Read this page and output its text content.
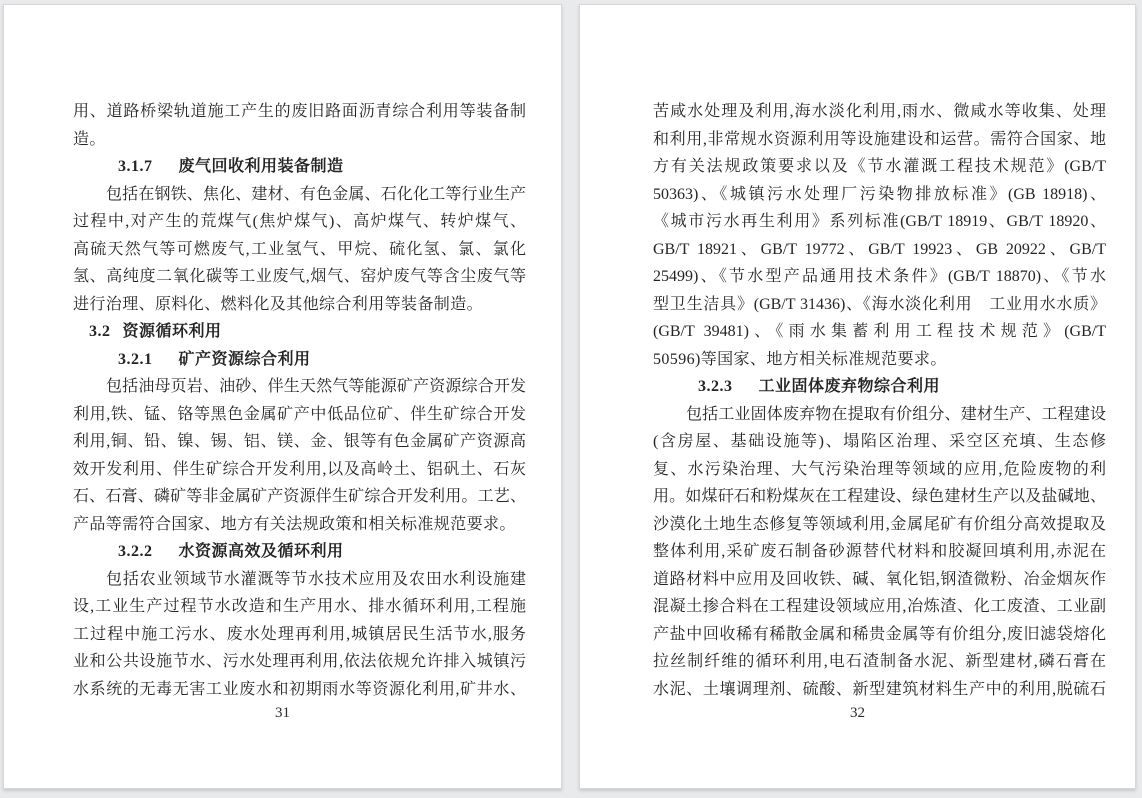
用、道路桥梁轨道施工产生的废旧路面沥青综合利用等装备制
造。
3.1.7 废气回收利用装备制造
包括在钢铁、焦化、建材、有色金属、石化化工等行业生产
过程中,对产生的荒煤气(焦炉煤气)、高炉煤气、转炉煤气、
高硫天然气等可燃废气,工业氢气、甲烷、硫化氢、氯、氯化
氢、高纯度二氧化碳等工业废气,烟气、窑炉废气等含尘废气等
进行治理、原料化、燃料化及其他综合利用等装备制造。
3.2 资源循环利用
3.2.1 矿产资源综合利用
包括油母页岩、油砂、伴生天然气等能源矿产资源综合开发
利用,铁、锰、铬等黑色金属矿产中低品位矿、伴生矿综合开发
利用,铜、铅、镍、锡、铝、镁、金、银等有色金属矿产资源高
效开发利用、伴生矿综合开发利用,以及高岭土、铝矾土、石灰
石、石膏、磷矿等非金属矿产资源伴生矿综合开发利用。工艺、
产品等需符合国家、地方有关法规政策和相关标准规范要求。
3.2.2 水资源高效及循环利用
包括农业领域节水灌溉等节水技术应用及农田水利设施建
设,工业生产过程节水改造和生产用水、排水循环利用,工程施
工过程中施工污水、废水处理再利用,城镇居民生活节水,服务
业和公共设施节水、污水处理再利用,依法依规允许排入城镇污
水系统的无毒无害工业废水和初期雨水等资源化利用,矿井水、
31
苦咸水处理及利用,海水淡化利用,雨水、微咸水等收集、处理
和利用,非常规水资源利用等设施建设和运营。需符合国家、地
方有关法规政策要求以及《节水灌溉工程技术规范》(GB/T
50363)、《城镇污水处理厂污染物排放标准》(GB 18918)、
《城市污水再生利用》系列标准(GB/T 18919、GB/T 18920、
GB/T 18921、GB/T 19772、GB/T 19923、GB 20922、GB/T
25499)、《节水型产品通用技术条件》(GB/T 18870)、《节水
型卫生洁具》(GB/T 31436)、《海水淡化利用　工业用水水质》
(GB/T 39481)、《雨水集蓄利用工程技术规范》(GB/T
50596)等国家、地方相关标准规范要求。
3.2.3 工业固体废弃物综合利用
包括工业固体废弃物在提取有价组分、建材生产、工程建设
(含房屋、基础设施等)、塌陷区治理、采空区充填、生态修
复、水污染治理、大气污染治理等领域的应用,危险废物的利
用。如煤矸石和粉煤灰在工程建设、绿色建材生产以及盐碱地、
沙漠化土地生态修复等领域利用,金属尾矿有价组分高效提取及
整体利用,采矿废石制备砂源替代材料和胶凝回填利用,赤泥在
道路材料中应用及回收铁、碱、氧化铝,钢渣微粉、冶金烟灰作
混凝土掺合料在工程建设领域应用,冶炼渣、化工废渣、工业副
产盐中回收稀有稀散金属和稀贵金属等有价组分,废旧滤袋熔化
拉丝制纤维的循环利用,电石渣制备水泥、新型建材,磷石膏在
水泥、土壤调理剂、硫酸、新型建筑材料生产中的利用,脱硫石
32
